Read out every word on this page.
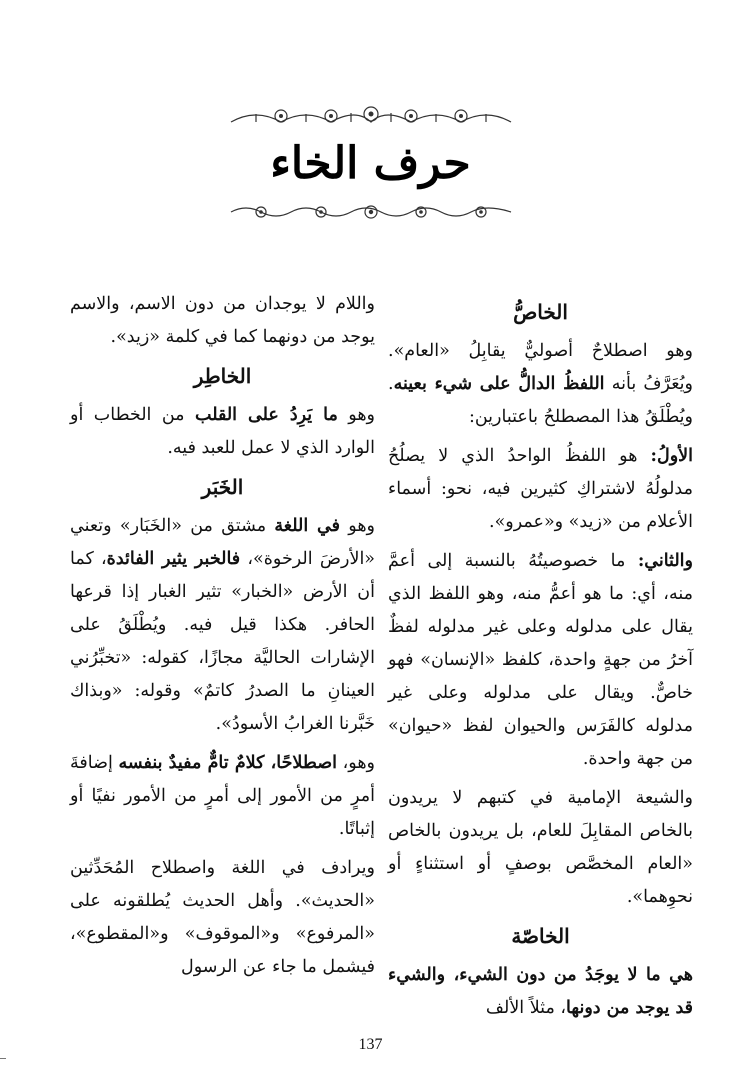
حرف الخاء
الخاصُّ
وهو اصطلاحٌ أصوليٌّ يقابِلُ «العام». ويُعَرَّفُ بأنه اللفظُ الدالُّ على شيء بعينه. ويُطْلَقُ هذا المصطلحُ باعتبارين:
الأولُ: هو اللفظُ الواحدُ الذي لا يصلُحُ مدلولُهُ لاشتراكِ كثيرين فيه، نحو: أسماء الأعلام من «زيد» و«عمرو».
والثاني: ما خصوصيتُهُ بالنسبة إلى أعمَّ منه، أي: ما هو أعمُّ منه، وهو اللفظ الذي يقال على مدلوله وعلى غير مدلوله لفظٌ آخرُ من جهةٍ واحدة، كلفظ «الإنسان» فهو خاصٌّ. ويقال على مدلوله وعلى غير مدلوله كالفَرَس والحيوان لفظ «حيوان» من جهة واحدة.
والشيعة الإمامية في كتبهم لا يريدون بالخاص المقابِلَ للعام، بل يريدون بالخاص «العام المخصَّص بوصفٍ أو استثناءٍ أو نحوِهما».
الخاصّة
هي ما لا يوجَدُ من دون الشيء، والشيء قد يوجد من دونها، مثلاً الألف
واللام لا يوجدان من دون الاسم، والاسم يوجد من دونهما كما في كلمة «زيد».
الخاطِر
وهو ما يَرِدُ على القلب من الخطاب أو الوارد الذي لا عمل للعبد فيه.
الخَبَر
وهو في اللغة مشتق من «الخَبَار» وتعني «الأرضَ الرخوة»، فالخبر يثير الفائدة، كما أن الأرض «الخبار» تثير الغبار إذا قرعها الحافر. هكذا قيل فيه. ويُطْلَقُ على الإشارات الحاليَّة مجازًا، كقوله: «تخبِّرُني العينانِ ما الصدرُ كاتمٌ» وقوله: «وبذاك خَبَّرنا الغرابُ الأسودُ».
وهو، اصطلاحًا، كلامٌ تامٌّ مفيدٌ بنفسه إضافةَ أمرٍ من الأمور إلى أمرٍ من الأمور نفيًا أو إثباتًا.
ويرادف في اللغة واصطلاح المُحَدِّثين «الحديث». وأهل الحديث يُطلقونه على «المرفوع» و«الموقوف» و«المقطوع»، فيشمل ما جاء عن الرسول
137
